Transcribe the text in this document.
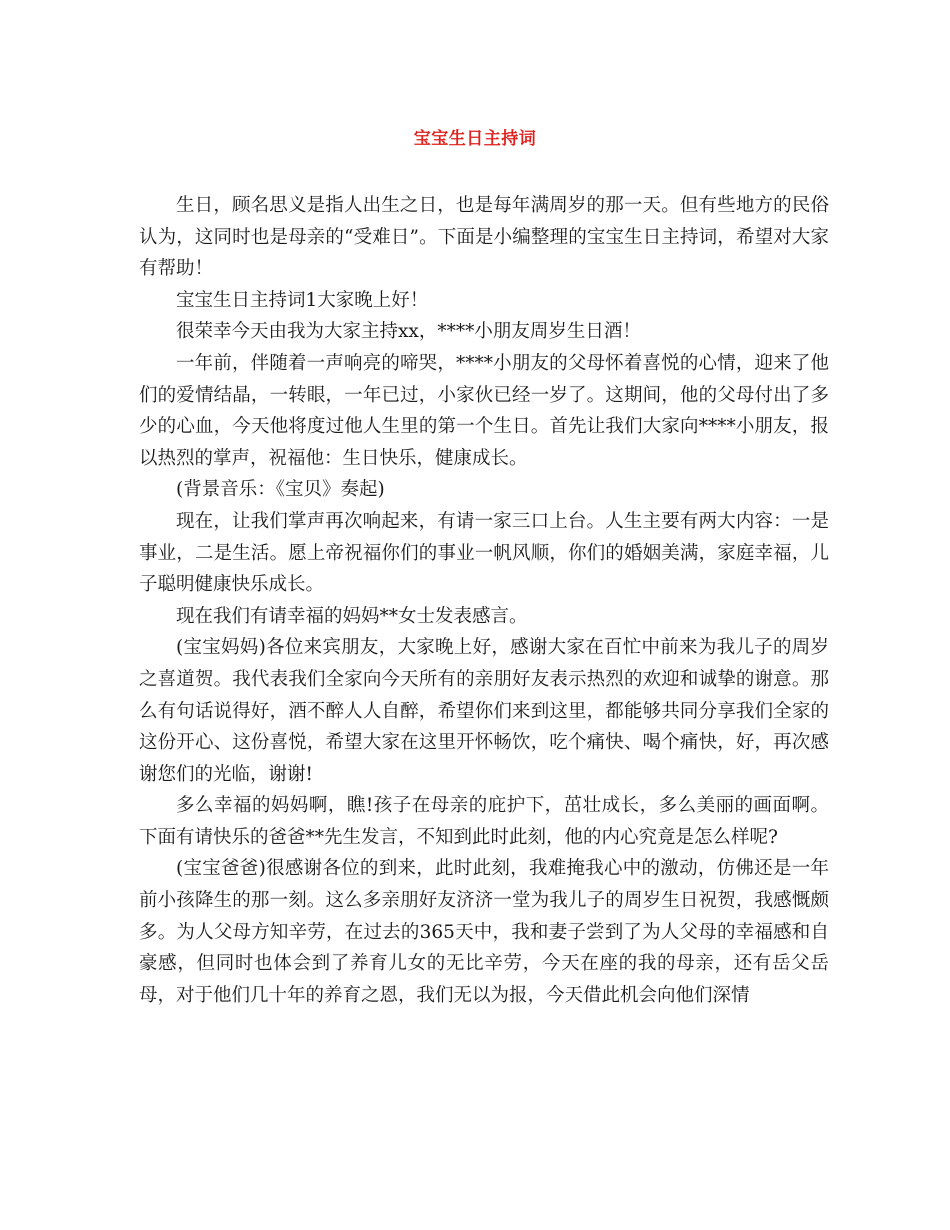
宝宝生日主持词

生日，顾名思义是指人出生之日，也是每年满周岁的那一天。但有些地方的民俗认为，这同时也是母亲的“受难日”。下面是小编整理的宝宝生日主持词，希望对大家有帮助！

宝宝生日主持词1大家晚上好！

很荣幸今天由我为大家主持xx，****小朋友周岁生日酒！

一年前，伴随着一声响亮的啼哭，****小朋友的父母怀着喜悦的心情，迎来了他们的爱情结晶，一转眼，一年已过，小家伙已经一岁了。这期间，他的父母付出了多少的心血，今天他将度过他人生里的第一个生日。首先让我们大家向****小朋友，报以热烈的掌声，祝福他：生日快乐，健康成长。

(背景音乐：《宝贝》奏起)

现在，让我们掌声再次响起来，有请一家三口上台。人生主要有两大内容：一是事业，二是生活。愿上帝祝福你们的事业一帆风顺，你们的婚姻美满，家庭幸福，儿子聪明健康快乐成长。

现在我们有请幸福的妈妈**女士发表感言。

(宝宝妈妈)各位来宾朋友，大家晚上好，感谢大家在百忙中前来为我儿子的周岁之喜道贺。我代表我们全家向今天所有的亲朋好友表示热烈的欢迎和诚挚的谢意。那么有句话说得好，酒不醉人人自醉，希望你们来到这里，都能够共同分享我们全家的这份开心、这份喜悦，希望大家在这里开怀畅饮，吃个痛快、喝个痛快，好，再次感谢您们的光临，谢谢!

多么幸福的妈妈啊，瞧!孩子在母亲的庇护下，茁壮成长，多么美丽的画面啊。下面有请快乐的爸爸**先生发言，不知到此时此刻，他的内心究竟是怎么样呢?

(宝宝爸爸)很感谢各位的到来，此时此刻，我难掩我心中的激动，仿佛还是一年前小孩降生的那一刻。这么多亲朋好友济济一堂为我儿子的周岁生日祝贺，我感慨颇多。为人父母方知辛劳，在过去的365天中，我和妻子尝到了为人父母的幸福感和自豪感，但同时也体会到了养育儿女的无比辛劳，今天在座的我的母亲，还有岳父岳母，对于他们几十年的养育之恩，我们无以为报，今天借此机会向他们深情
